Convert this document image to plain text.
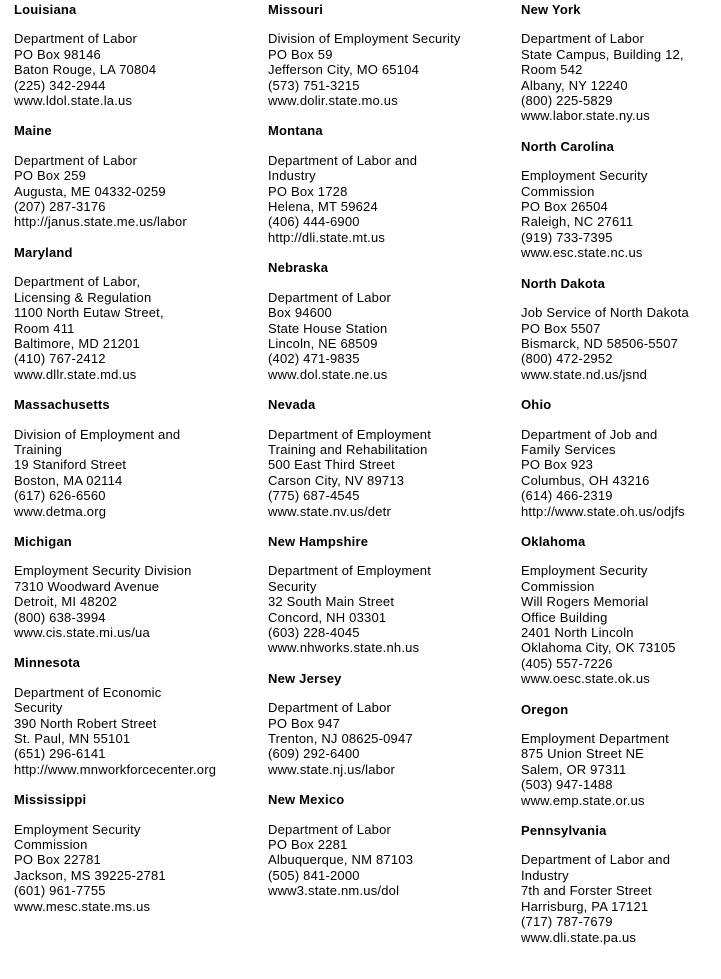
Louisiana
Department of Labor
PO Box 98146
Baton Rouge, LA 70804
(225) 342-2944
www.ldol.state.la.us
Maine
Department of Labor
PO Box 259
Augusta, ME 04332-0259
(207) 287-3176
http://janus.state.me.us/labor
Maryland
Department of Labor,
Licensing & Regulation
1100 North Eutaw Street,
Room 411
Baltimore, MD 21201
(410) 767-2412
www.dllr.state.md.us
Massachusetts
Division of Employment and
Training
19 Staniford Street
Boston, MA 02114
(617) 626-6560
www.detma.org
Michigan
Employment Security Division
7310 Woodward Avenue
Detroit, MI 48202
(800) 638-3994
www.cis.state.mi.us/ua
Minnesota
Department of Economic
Security
390 North Robert Street
St. Paul, MN 55101
(651) 296-6141
http://www.mnworkforcecenter.org
Mississippi
Employment Security
Commission
PO Box 22781
Jackson, MS 39225-2781
(601) 961-7755
www.mesc.state.ms.us
Missouri
Division of Employment Security
PO Box 59
Jefferson City, MO 65104
(573) 751-3215
www.dolir.state.mo.us
Montana
Department of Labor and
Industry
PO Box 1728
Helena, MT 59624
(406) 444-6900
http://dli.state.mt.us
Nebraska
Department of Labor
Box 94600
State House Station
Lincoln, NE 68509
(402) 471-9835
www.dol.state.ne.us
Nevada
Department of Employment
Training and Rehabilitation
500 East Third Street
Carson City, NV 89713
(775) 687-4545
www.state.nv.us/detr
New Hampshire
Department of Employment
Security
32 South Main Street
Concord, NH 03301
(603) 228-4045
www.nhworks.state.nh.us
New Jersey
Department of Labor
PO Box 947
Trenton, NJ 08625-0947
(609) 292-6400
www.state.nj.us/labor
New Mexico
Department of Labor
PO Box 2281
Albuquerque, NM 87103
(505) 841-2000
www3.state.nm.us/dol
New York
Department of Labor
State Campus, Building 12,
Room 542
Albany, NY 12240
(800) 225-5829
www.labor.state.ny.us
North Carolina
Employment Security
Commission
PO Box 26504
Raleigh, NC 27611
(919) 733-7395
www.esc.state.nc.us
North Dakota
Job Service of North Dakota
PO Box 5507
Bismarck, ND 58506-5507
(800) 472-2952
www.state.nd.us/jsnd
Ohio
Department of Job and
Family Services
PO Box 923
Columbus, OH 43216
(614) 466-2319
http://www.state.oh.us/odjfs
Oklahoma
Employment Security
Commission
Will Rogers Memorial
Office Building
2401 North Lincoln
Oklahoma City, OK 73105
(405) 557-7226
www.oesc.state.ok.us
Oregon
Employment Department
875 Union Street NE
Salem, OR 97311
(503) 947-1488
www.emp.state.or.us
Pennsylvania
Department of Labor and
Industry
7th and Forster Street
Harrisburg, PA 17121
(717) 787-7679
www.dli.state.pa.us
